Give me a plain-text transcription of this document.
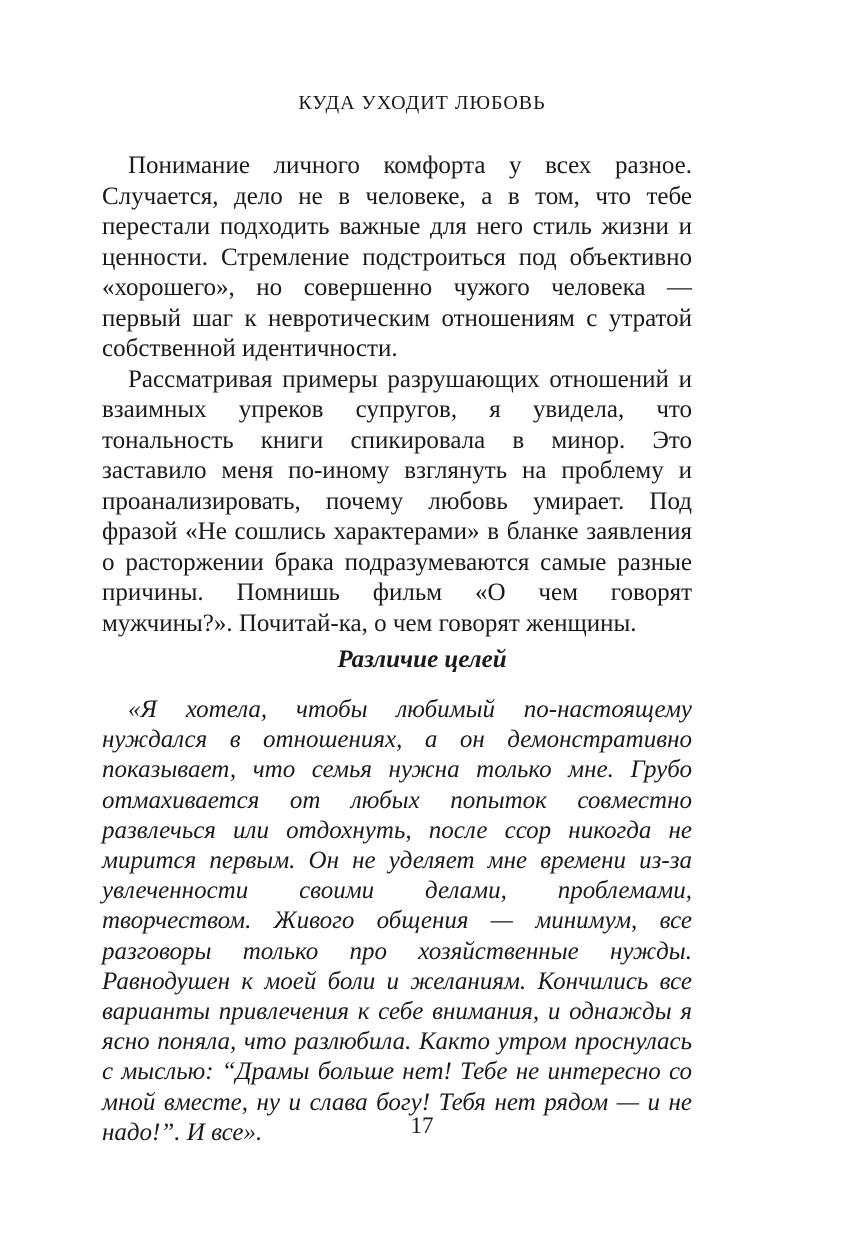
КУДА УХОДИТ ЛЮБОВЬ

Понимание личного комфорта у всех разное. Случается, дело не в человеке, а в том, что тебе перестали подходить важные для него стиль жизни и ценности. Стремление подстроиться под объективно «хорошего», но совершенно чужого человека — первый шаг к невротическим отношениям с утратой собственной идентичности.

Рассматривая примеры разрушающих отношений и взаимных упреков супругов, я увидела, что тональность книги спикировала в минор. Это заставило меня по-иному взглянуть на проблему и проанализировать, почему любовь умирает. Под фразой «Не сошлись характерами» в бланке заявления о расторжении брака подразумеваются самые разные причины. Помнишь фильм «О чем говорят мужчины?». Почитай-ка, о чем говорят женщины.

Различие целей

«Я хотела, чтобы любимый по-настоящему нуждался в отношениях, а он демонстративно показывает, что семья нужна только мне. Грубо отмахивается от любых попыток совместно развлечься или отдохнуть, после ссор никогда не мирится первым. Он не уделяет мне времени из-за увлеченности своими делами, проблемами, творчеством. Живого общения — минимум, все разговоры только про хозяйственные нужды. Равнодушен к моей боли и желаниям. Кончились все варианты привлечения к себе внимания, и однажды я ясно поняла, что разлюбила. Както утром проснулась с мыслью: “Драмы больше нет! Тебе не интересно со мной вместе, ну и слава богу! Тебя нет рядом — и не надо!”. И все».	17
